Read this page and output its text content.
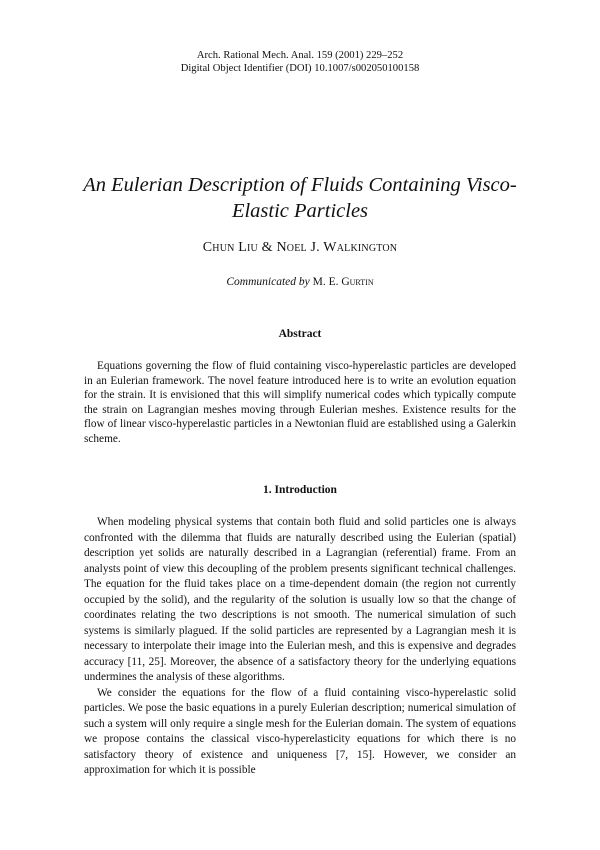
Arch. Rational Mech. Anal. 159 (2001) 229–252
Digital Object Identifier (DOI) 10.1007/s002050100158
An Eulerian Description of Fluids Containing Visco-Elastic Particles
Chun Liu & Noel J. Walkington
Communicated by M. E. Gurtin
Abstract

Equations governing the flow of fluid containing visco-hyperelastic particles are developed in an Eulerian framework. The novel feature introduced here is to write an evolution equation for the strain. It is envisioned that this will simplify numerical codes which typically compute the strain on Lagrangian meshes moving through Eulerian meshes. Existence results for the flow of linear visco-hyperelastic particles in a Newtonian fluid are established using a Galerkin scheme.

1. Introduction

When modeling physical systems that contain both fluid and solid particles one is always confronted with the dilemma that fluids are naturally described using the Eulerian (spatial) description yet solids are naturally described in a Lagrangian (referential) frame. From an analysts point of view this decoupling of the problem presents significant technical challenges. The equation for the fluid takes place on a time-dependent domain (the region not currently occupied by the solid), and the regularity of the solution is usually low so that the change of coordinates relating the two descriptions is not smooth. The numerical simulation of such systems is similarly plagued. If the solid particles are represented by a Lagrangian mesh it is necessary to interpolate their image into the Eulerian mesh, and this is expensive and degrades accuracy [11, 25]. Moreover, the absence of a satisfactory theory for the underlying equations undermines the analysis of these algorithms.

We consider the equations for the flow of a fluid containing visco-hyperelastic solid particles. We pose the basic equations in a purely Eulerian description; numerical simulation of such a system will only require a single mesh for the Eulerian domain. The system of equations we propose contains the classical visco-hyperelasticity equations for which there is no satisfactory theory of existence and uniqueness [7, 15]. However, we consider an approximation for which it is possible
